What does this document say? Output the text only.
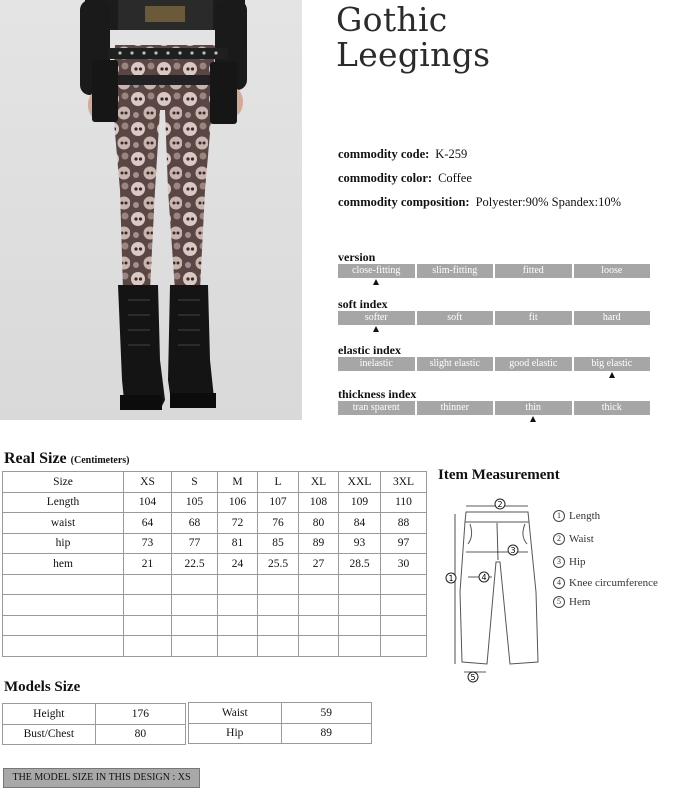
Gothic
Leegings
commodity code: K-259
commodity color: Coffee
commodity composition: Polyester:90% Spandex:10%
version
close-fitting	slim-fitting	fitted	loose
soft index
softer	soft	fit	hard
elastic index
inelastic	slight elastic	good elastic	big elastic
thickness index
tran sparent	thinner	thin	thick
Real Size (Centimeters)
Size	XS	S	M	L	XL	XXL	3XL
Length	104	105	106	107	108	109	110
waist	64	68	72	76	80	84	88
hip	73	77	81	85	89	93	97
hem	21	22.5	24	25.5	27	28.5	30

Item Measurement
2
3
4
1
5
1 Length
2 Waist
3 Hip
4 Knee circumference
5 Hem
Models Size
Height	176
Bust/Chest	80
Waist	59
Hip	89
THE MODEL SIZE IN THIS DESIGN : XS
